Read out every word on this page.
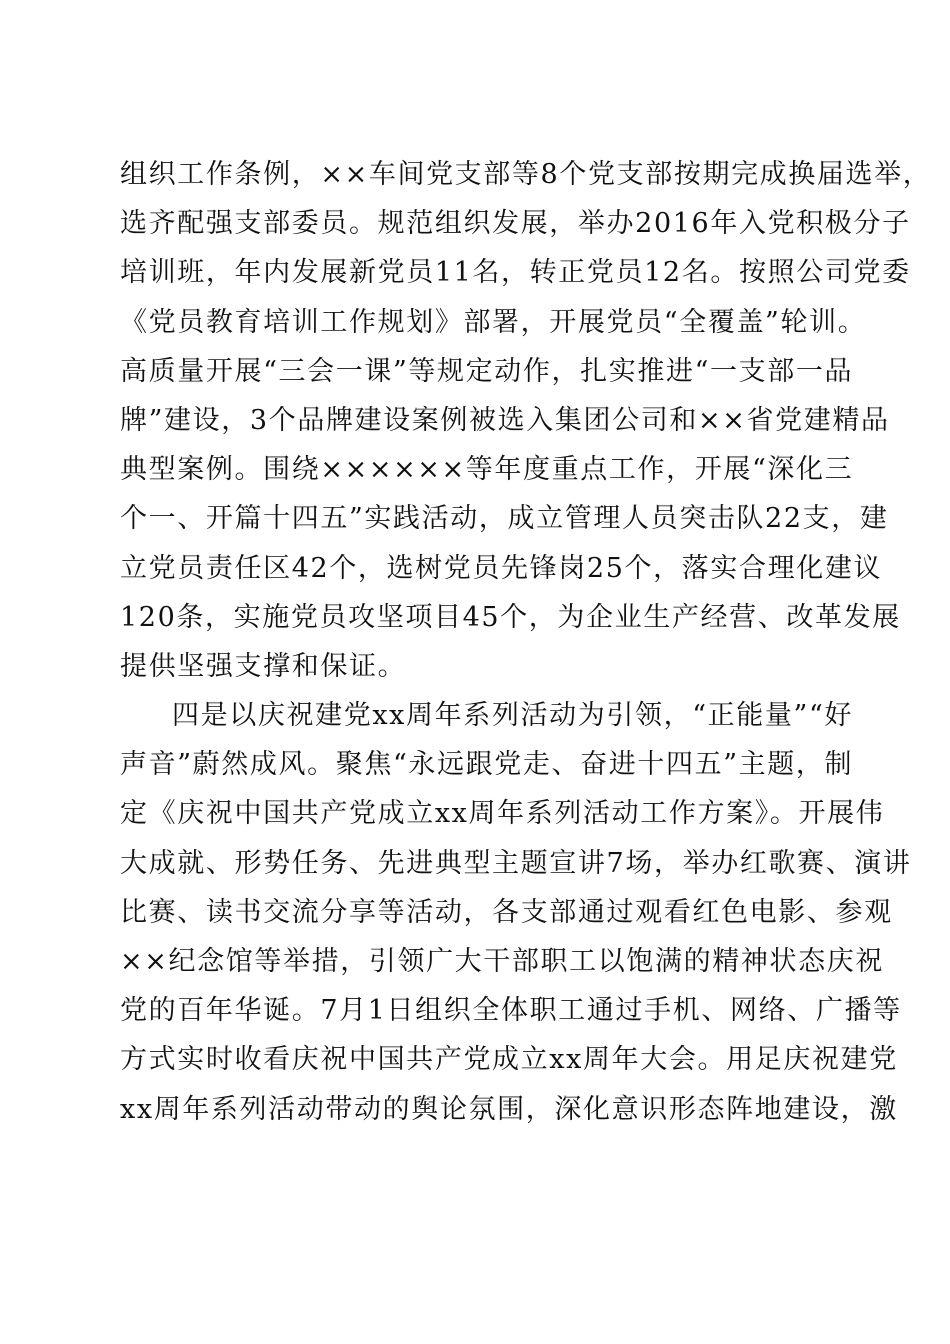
组织工作条例，××车间党支部等8个党支部按期完成换届选举，
选齐配强支部委员。规范组织发展，举办2016年入党积极分子
培训班，年内发展新党员11名，转正党员12名。按照公司党委
《党员教育培训工作规划》部署，开展党员“全覆盖”轮训。
高质量开展“三会一课”等规定动作，扎实推进“一支部一品
牌”建设，3个品牌建设案例被选入集团公司和××省党建精品
典型案例。围绕××××××等年度重点工作，开展“深化三
个一、开篇十四五”实践活动，成立管理人员突击队22支，建
立党员责任区42个，选树党员先锋岗25个，落实合理化建议
120条，实施党员攻坚项目45个，为企业生产经营、改革发展
提供坚强支撑和保证。
四是以庆祝建党xx周年系列活动为引领，“正能量”“好
声音”蔚然成风。聚焦“永远跟党走、奋进十四五”主题，制
定《庆祝中国共产党成立xx周年系列活动工作方案》。开展伟
大成就、形势任务、先进典型主题宣讲7场，举办红歌赛、演讲
比赛、读书交流分享等活动，各支部通过观看红色电影、参观
××纪念馆等举措，引领广大干部职工以饱满的精神状态庆祝
党的百年华诞。7月1日组织全体职工通过手机、网络、广播等
方式实时收看庆祝中国共产党成立xx周年大会。用足庆祝建党
xx周年系列活动带动的舆论氛围，深化意识形态阵地建设，激
